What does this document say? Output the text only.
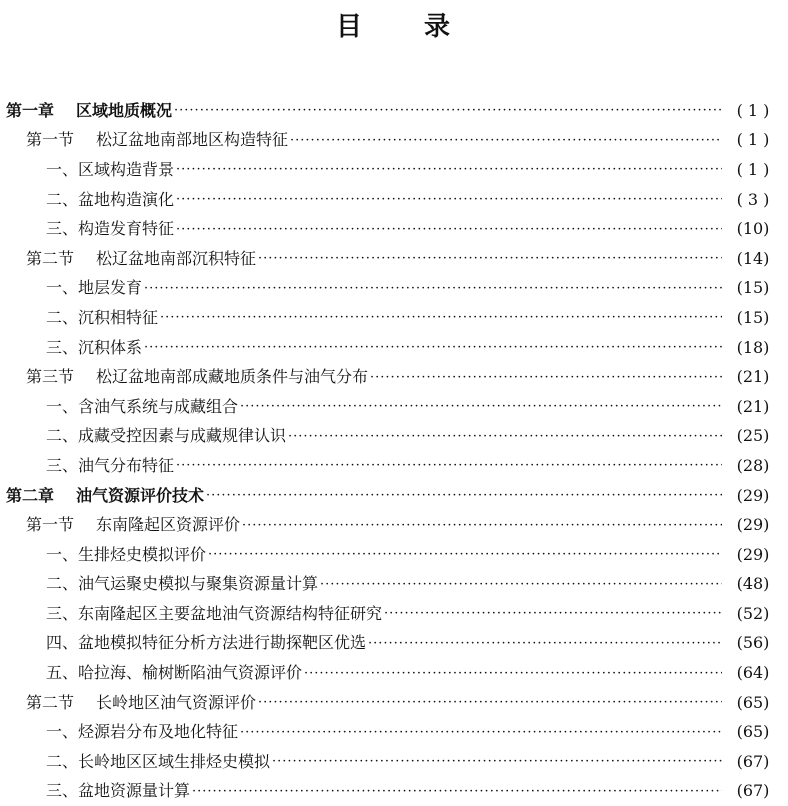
目 录
第一章 区域地质概况 ·····	( 1 )
第一节 松辽盆地南部地区构造特征 ·····	( 1 )
一、区域构造背景 ·····	( 1 )
二、盆地构造演化 ·····	( 3 )
三、构造发育特征 ·····	(10)
第二节 松辽盆地南部沉积特征 ·····	(14)
一、地层发育 ·····	(15)
二、沉积相特征 ·····	(15)
三、沉积体系 ·····	(18)
第三节 松辽盆地南部成藏地质条件与油气分布 ·····	(21)
一、含油气系统与成藏组合 ·····	(21)
二、成藏受控因素与成藏规律认识 ·····	(25)
三、油气分布特征 ·····	(28)
第二章 油气资源评价技术 ·····	(29)
第一节 东南隆起区资源评价 ·····	(29)
一、生排烃史模拟评价 ·····	(29)
二、油气运聚史模拟与聚集资源量计算 ·····	(48)
三、东南隆起区主要盆地油气资源结构特征研究 ·····	(52)
四、盆地模拟特征分析方法进行勘探靶区优选 ·····	(56)
五、哈拉海、榆树断陷油气资源评价 ·····	(64)
第二节 长岭地区油气资源评价 ·····	(65)
一、烃源岩分布及地化特征 ·····	(65)
二、长岭地区区域生排烃史模拟 ·····	(67)
三、盆地资源量计算 ·····	(67)
